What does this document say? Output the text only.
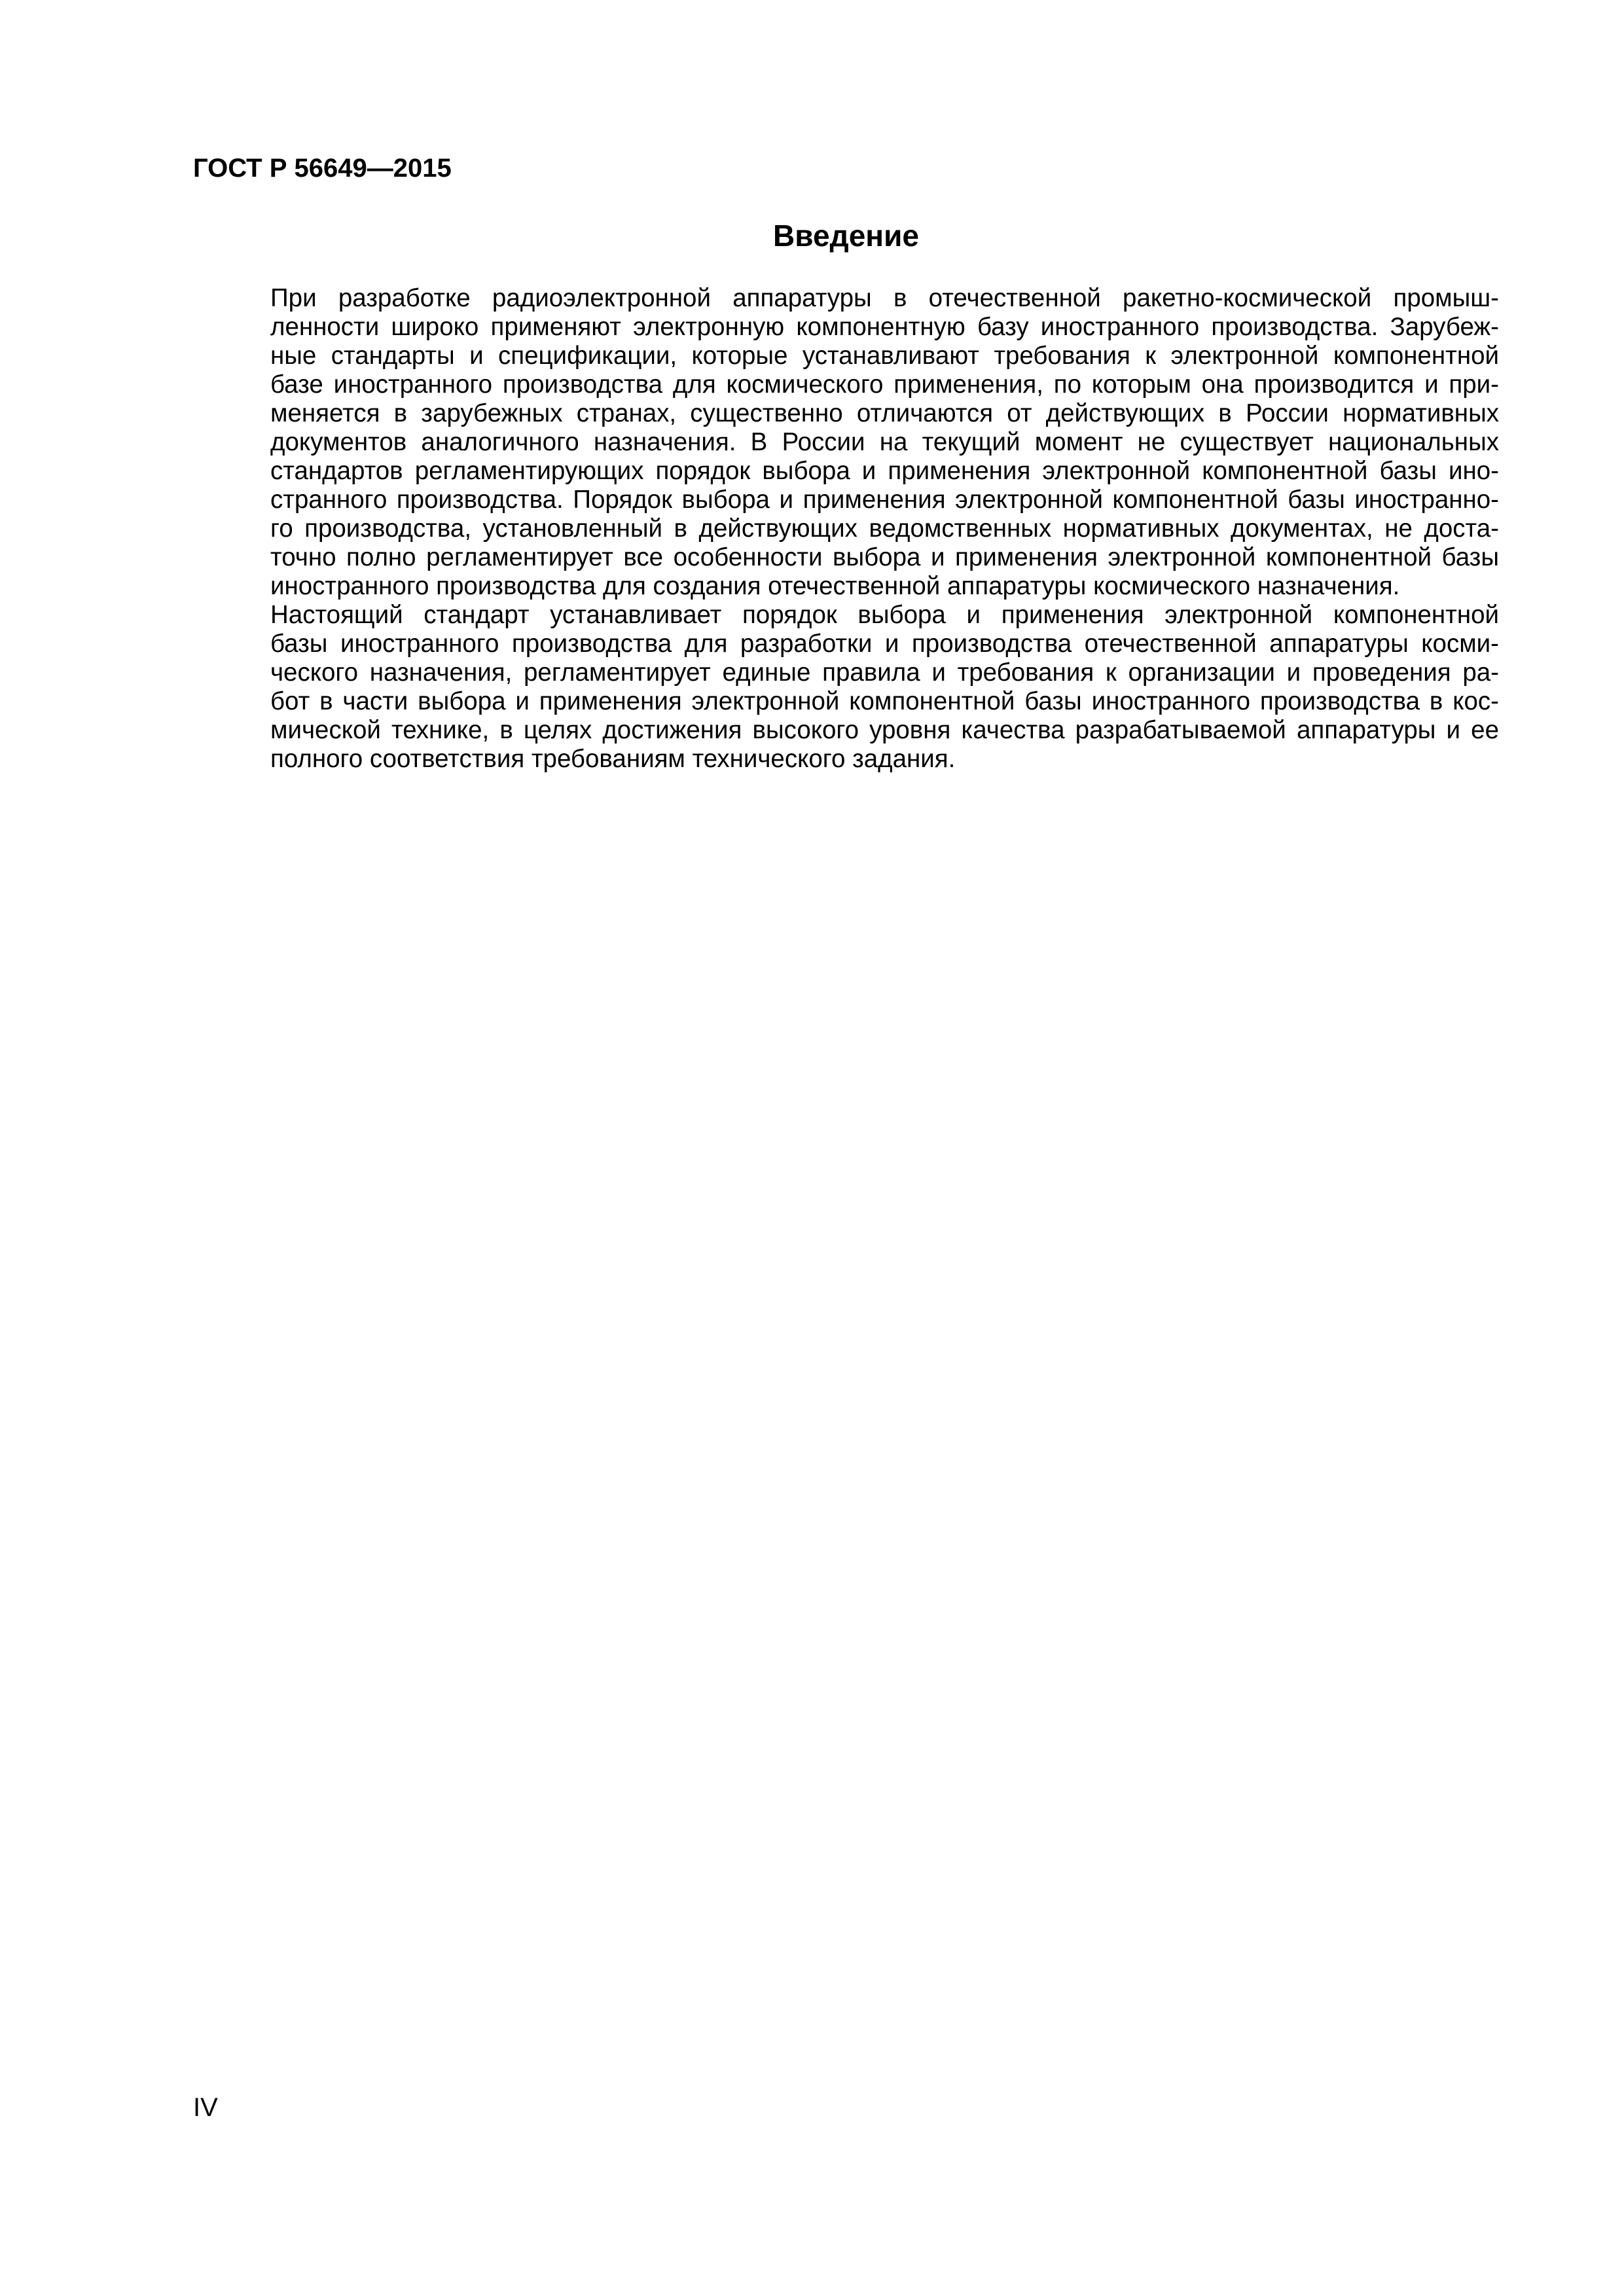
ГОСТ Р 56649—2015
Введение
При разработке радиоэлектронной аппаратуры в отечественной ракетно-космической промыш-
ленности широко применяют электронную компонентную базу иностранного производства. Зарубеж-
ные стандарты и спецификации, которые устанавливают требования к электронной компонентной
базе иностранного производства для космического применения, по которым она производится и при-
меняется в зарубежных странах, существенно отличаются от действующих в России нормативных
документов аналогичного назначения. В России на текущий момент не существует национальных
стандартов регламентирующих порядок выбора и применения электронной компонентной базы ино-
странного производства. Порядок выбора и применения электронной компонентной базы иностранно-
го производства, установленный в действующих ведомственных нормативных документах, не доста-
точно полно регламентирует все особенности выбора и применения электронной компонентной базы
иностранного производства для создания отечественной аппаратуры космического назначения.
Настоящий стандарт устанавливает порядок выбора и применения электронной компонентной
базы иностранного производства для разработки и производства отечественной аппаратуры косми-
ческого назначения, регламентирует единые правила и требования к организации и проведения ра-
бот в части выбора и применения электронной компонентной базы иностранного производства в кос-
мической технике, в целях достижения высокого уровня качества разрабатываемой аппаратуры и ее
полного соответствия требованиям технического задания.
IV
